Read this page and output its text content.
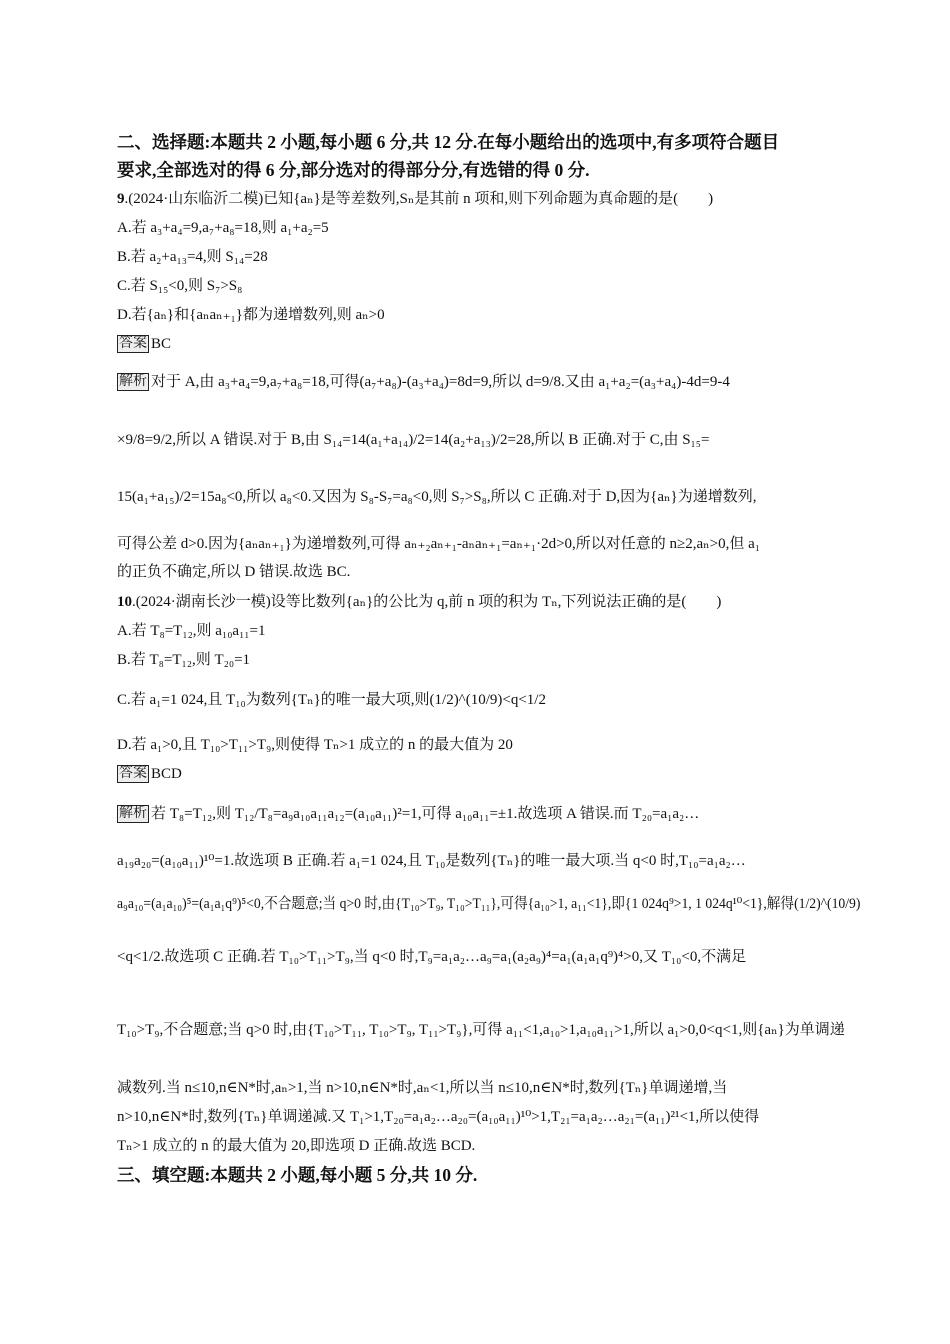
二、选择题:本题共 2 小题,每小题 6 分,共 12 分.在每小题给出的选项中,有多项符合题目
要求,全部选对的得 6 分,部分选对的得部分分,有选错的得 0 分.
9.(2024·山东临沂二模)已知{aₙ}是等差数列,Sₙ是其前 n 项和,则下列命题为真命题的是(　　)
A.若 a₃+a₄=9,a₇+a₈=18,则 a₁+a₂=5
B.若 a₂+a₁₃=4,则 S₁₄=28
C.若 S₁₅<0,则 S₇>S₈
D.若{aₙ}和{aₙaₙ₊₁}都为递增数列,则 aₙ>0
答案 BC
解析 对于 A,由 a₃+a₄=9,a₇+a₈=18,可得(a₇+a₈)-(a₃+a₄)=8d=9,所以 d=9/8.又由 a₁+a₂=(a₃+a₄)-4d=9-4
×9/8=9/2,所以 A 错误.对于 B,由 S₁₄=14(a₁+a₁₄)/2=14(a₂+a₁₃)/2=28,所以 B 正确.对于 C,由 S₁₅=
15(a₁+a₁₅)/2=15a₈<0,所以 a₈<0.又因为 S₈-S₇=a₈<0,则 S₇>S₈,所以 C 正确.对于 D,因为{aₙ}为递增数列,
可得公差 d>0.因为{aₙaₙ₊₁}为递增数列,可得 aₙ₊₂aₙ₊₁-aₙaₙ₊₁=aₙ₊₁·2d>0,所以对任意的 n≥2,aₙ>0,但 a₁
的正负不确定,所以 D 错误.故选 BC.
10.(2024·湖南长沙一模)设等比数列{aₙ}的公比为 q,前 n 项的积为 Tₙ,下列说法正确的是(　　)
A.若 T₈=T₁₂,则 a₁₀a₁₁=1
B.若 T₈=T₁₂,则 T₂₀=1
C.若 a₁=1 024,且 T₁₀为数列{Tₙ}的唯一最大项,则(1/2)^(10/9)<q<1/2
D.若 a₁>0,且 T₁₀>T₁₁>T₉,则使得 Tₙ>1 成立的 n 的最大值为 20
答案 BCD
解析 若 T₈=T₁₂,则 T₁₂/T₈=a₉a₁₀a₁₁a₁₂=(a₁₀a₁₁)²=1,可得 a₁₀a₁₁=±1.故选项 A 错误.而 T₂₀=a₁a₂…
a₁₉a₂₀=(a₁₀a₁₁)¹⁰=1.故选项 B 正确.若 a₁=1 024,且 T₁₀是数列{Tₙ}的唯一最大项.当 q<0 时,T₁₀=a₁a₂…
a₉a₁₀=(a₁a₁₀)⁵=(a₁a₁q⁹)⁵<0,不合题意;当 q>0 时,由{T₁₀>T₉, T₁₀>T₁₁},可得{a₁₀>1, a₁₁<1},即{1 024q⁹>1, 1 024q¹⁰<1},解得(1/2)^(10/9)
<q<1/2.故选项 C 正确.若 T₁₀>T₁₁>T₉,当 q<0 时,T₉=a₁a₂…a₉=a₁(a₂a₉)⁴=a₁(a₁a₁q⁹)⁴>0,又 T₁₀<0,不满足
T₁₀>T₉,不合题意;当 q>0 时,由{T₁₀>T₁₁, T₁₀>T₉, T₁₁>T₉},可得 a₁₁<1,a₁₀>1,a₁₀a₁₁>1,所以 a₁>0,0<q<1,则{aₙ}为单调递
减数列.当 n≤10,n∈N*时,aₙ>1,当 n>10,n∈N*时,aₙ<1,所以当 n≤10,n∈N*时,数列{Tₙ}单调递增,当
n>10,n∈N*时,数列{Tₙ}单调递减.又 T₁>1,T₂₀=a₁a₂…a₂₀=(a₁₀a₁₁)¹⁰>1,T₂₁=a₁a₂…a₂₁=(a₁₁)²¹<1,所以使得
Tₙ>1 成立的 n 的最大值为 20,即选项 D 正确.故选 BCD.
三、填空题:本题共 2 小题,每小题 5 分,共 10 分.
